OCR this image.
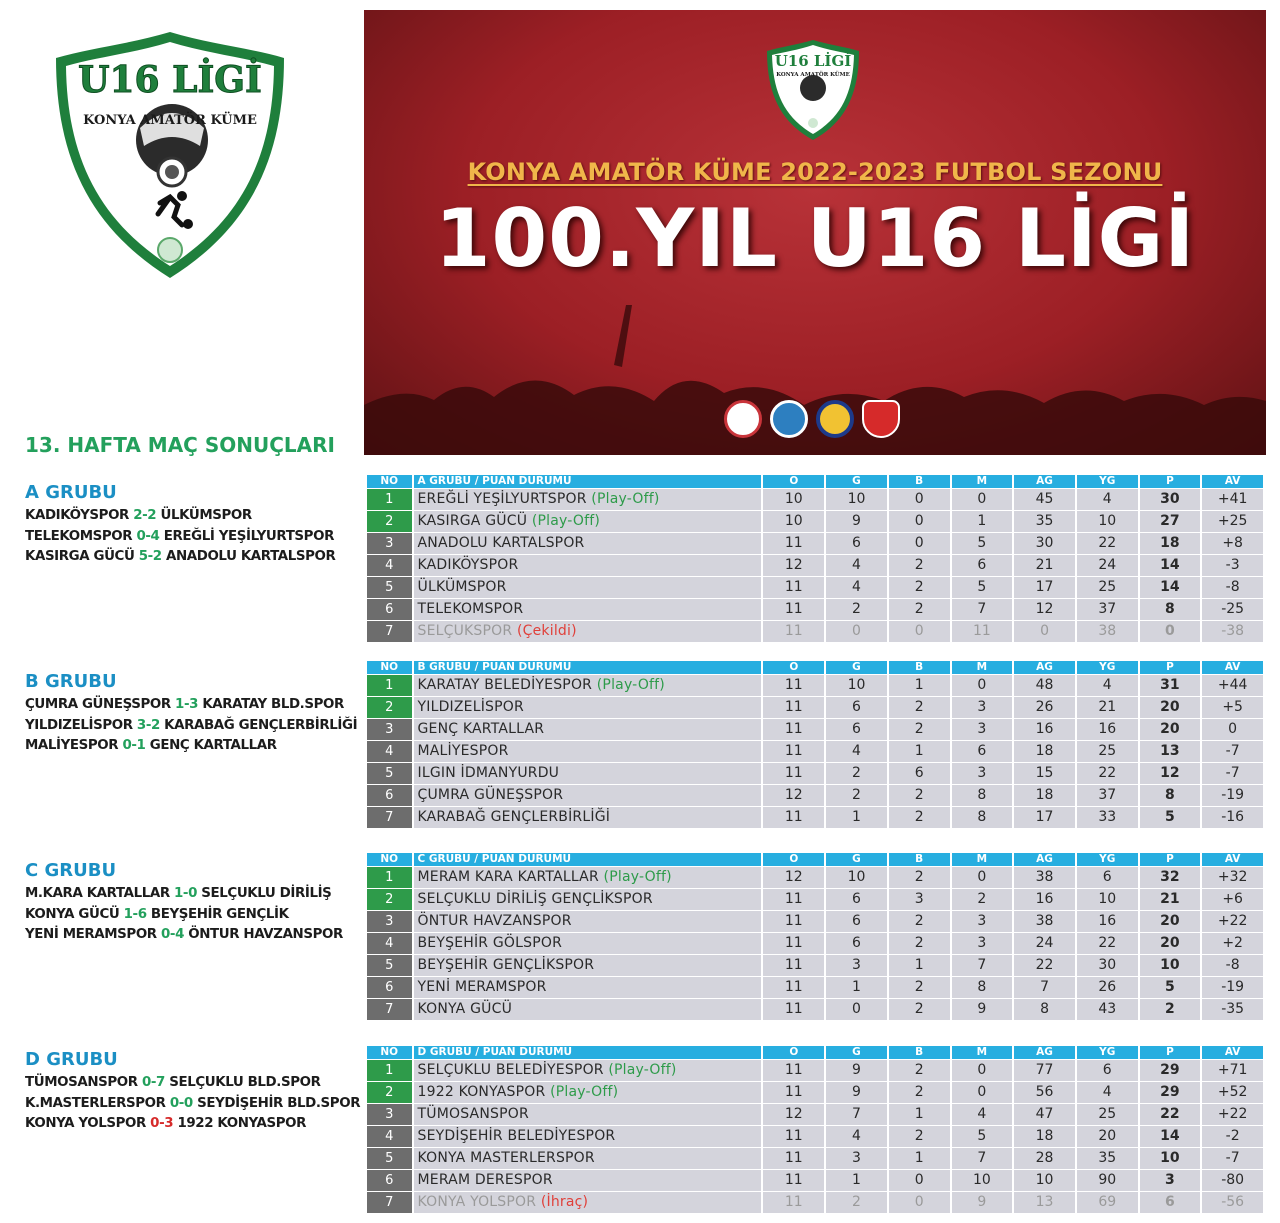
U16 LİGİ
KONYA AMATÖR KÜME
U16 LİGİ
KONYA AMATÖR KÜME
KONYA AMATÖR KÜME 2022-2023 FUTBOL SEZONU
100.YIL U16 LİGİ
13. HAFTA MAÇ SONUÇLARI
A GRUBU
KADIKÖYSPOR 2-2 ÜLKÜMSPOR
TELEKOMSPOR 0-4 EREĞLİ YEŞİLYURTSPOR
KASIRGA GÜCÜ 5-2 ANADOLU KARTALSPOR
B GRUBU
ÇUMRA GÜNEŞSPOR 1-3 KARATAY BLD.SPOR
YILDIZELİSPOR 3-2 KARABAĞ GENÇLERBİRLİĞİ
MALİYESPOR 0-1 GENÇ KARTALLAR
C GRUBU
M.KARA KARTALLAR 1-0 SELÇUKLU DİRİLİŞ
KONYA GÜCÜ 1-6 BEYŞEHİR GENÇLİK
YENİ MERAMSPOR 0-4 ÖNTUR HAVZANSPOR
D GRUBU
TÜMOSANSPOR 0-7 SELÇUKLU BLD.SPOR
K.MASTERLERSPOR 0-0 SEYDİŞEHİR BLD.SPOR
KONYA YOLSPOR 0-3 1922 KONYASPOR
NO	A GRUBU / PUAN DURUMU	O	G	B	M	AG	YG	P	AV
1	EREĞLİ YEŞİLYURTSPOR (Play-Off)	10	10	0	0	45	4	30	+41
2	KASIRGA GÜCÜ (Play-Off)	10	9	0	1	35	10	27	+25
3	ANADOLU KARTALSPOR	11	6	0	5	30	22	18	+8
4	KADIKÖYSPOR	12	4	2	6	21	24	14	-3
5	ÜLKÜMSPOR	11	4	2	5	17	25	14	-8
6	TELEKOMSPOR	11	2	2	7	12	37	8	-25
7	SELÇUKSPOR (Çekildi)	11	0	0	11	0	38	0	-38
NO	B GRUBU / PUAN DURUMU	O	G	B	M	AG	YG	P	AV
1	KARATAY BELEDİYESPOR (Play-Off)	11	10	1	0	48	4	31	+44
2	YILDIZELİSPOR	11	6	2	3	26	21	20	+5
3	GENÇ KARTALLAR	11	6	2	3	16	16	20	0
4	MALİYESPOR	11	4	1	6	18	25	13	-7
5	ILGIN İDMANYURDU	11	2	6	3	15	22	12	-7
6	ÇUMRA GÜNEŞSPOR	12	2	2	8	18	37	8	-19
7	KARABAĞ GENÇLERBİRLİĞİ	11	1	2	8	17	33	5	-16
NO	C GRUBU / PUAN DURUMU	O	G	B	M	AG	YG	P	AV
1	MERAM KARA KARTALLAR (Play-Off)	12	10	2	0	38	6	32	+32
2	SELÇUKLU DİRİLİŞ GENÇLİKSPOR	11	6	3	2	16	10	21	+6
3	ÖNTUR HAVZANSPOR	11	6	2	3	38	16	20	+22
4	BEYŞEHİR GÖLSPOR	11	6	2	3	24	22	20	+2
5	BEYŞEHİR GENÇLİKSPOR	11	3	1	7	22	30	10	-8
6	YENİ MERAMSPOR	11	1	2	8	7	26	5	-19
7	KONYA GÜCÜ	11	0	2	9	8	43	2	-35
NO	D GRUBU / PUAN DURUMU	O	G	B	M	AG	YG	P	AV
1	SELÇUKLU BELEDİYESPOR (Play-Off)	11	9	2	0	77	6	29	+71
2	1922 KONYASPOR (Play-Off)	11	9	2	0	56	4	29	+52
3	TÜMOSANSPOR	12	7	1	4	47	25	22	+22
4	SEYDİŞEHİR BELEDİYESPOR	11	4	2	5	18	20	14	-2
5	KONYA MASTERLERSPOR	11	3	1	7	28	35	10	-7
6	MERAM DERESPOR	11	1	0	10	10	90	3	-80
7	KONYA YOLSPOR (İhraç)	11	2	0	9	13	69	6	-56
